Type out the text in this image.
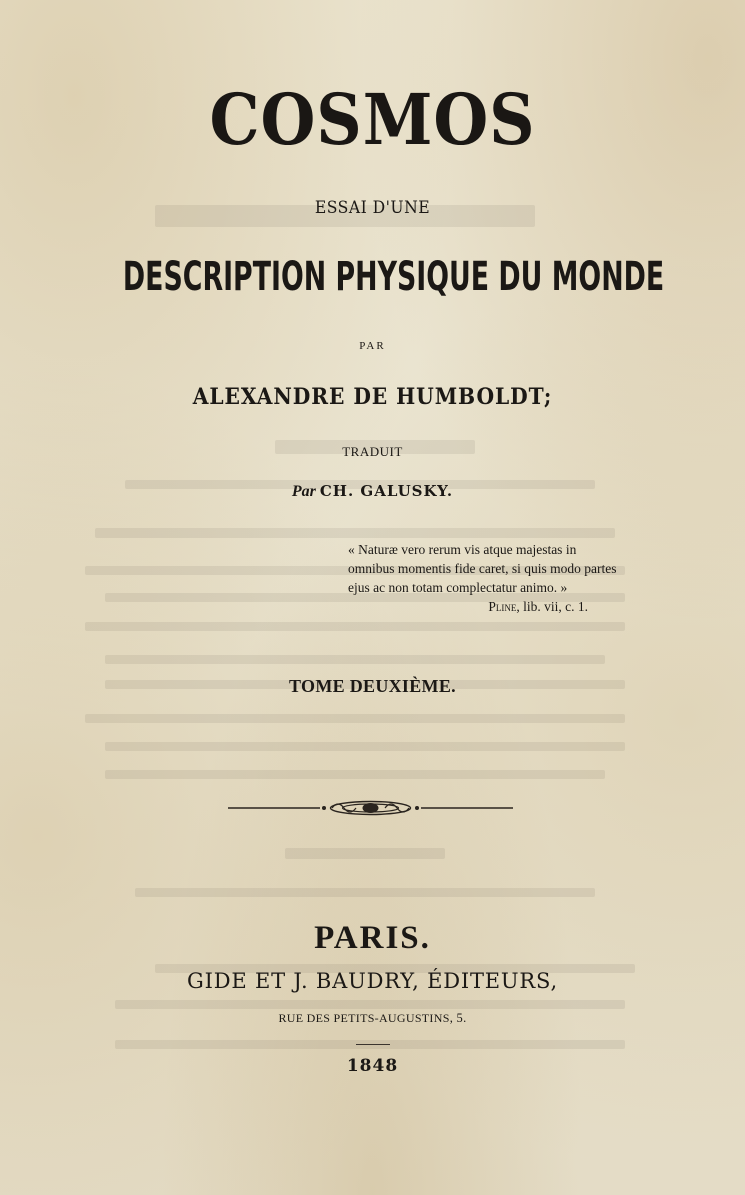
COSMOS

ESSAI D'UNE

DESCRIPTION PHYSIQUE DU MONDE

PAR

ALEXANDRE DE HUMBOLDT;

TRADUIT

Par CH. GALUSKY.

« Naturæ vero rerum vis atque majestas in
omnibus momentis fide caret, si quis modo partes
ejus ac non totam complectatur animo. »
Pline, lib. vii, c. 1.

TOME DEUXIÈME.

PARIS.

GIDE ET J. BAUDRY, ÉDITEURS,

RUE DES PETITS-AUGUSTINS, 5.

1848
